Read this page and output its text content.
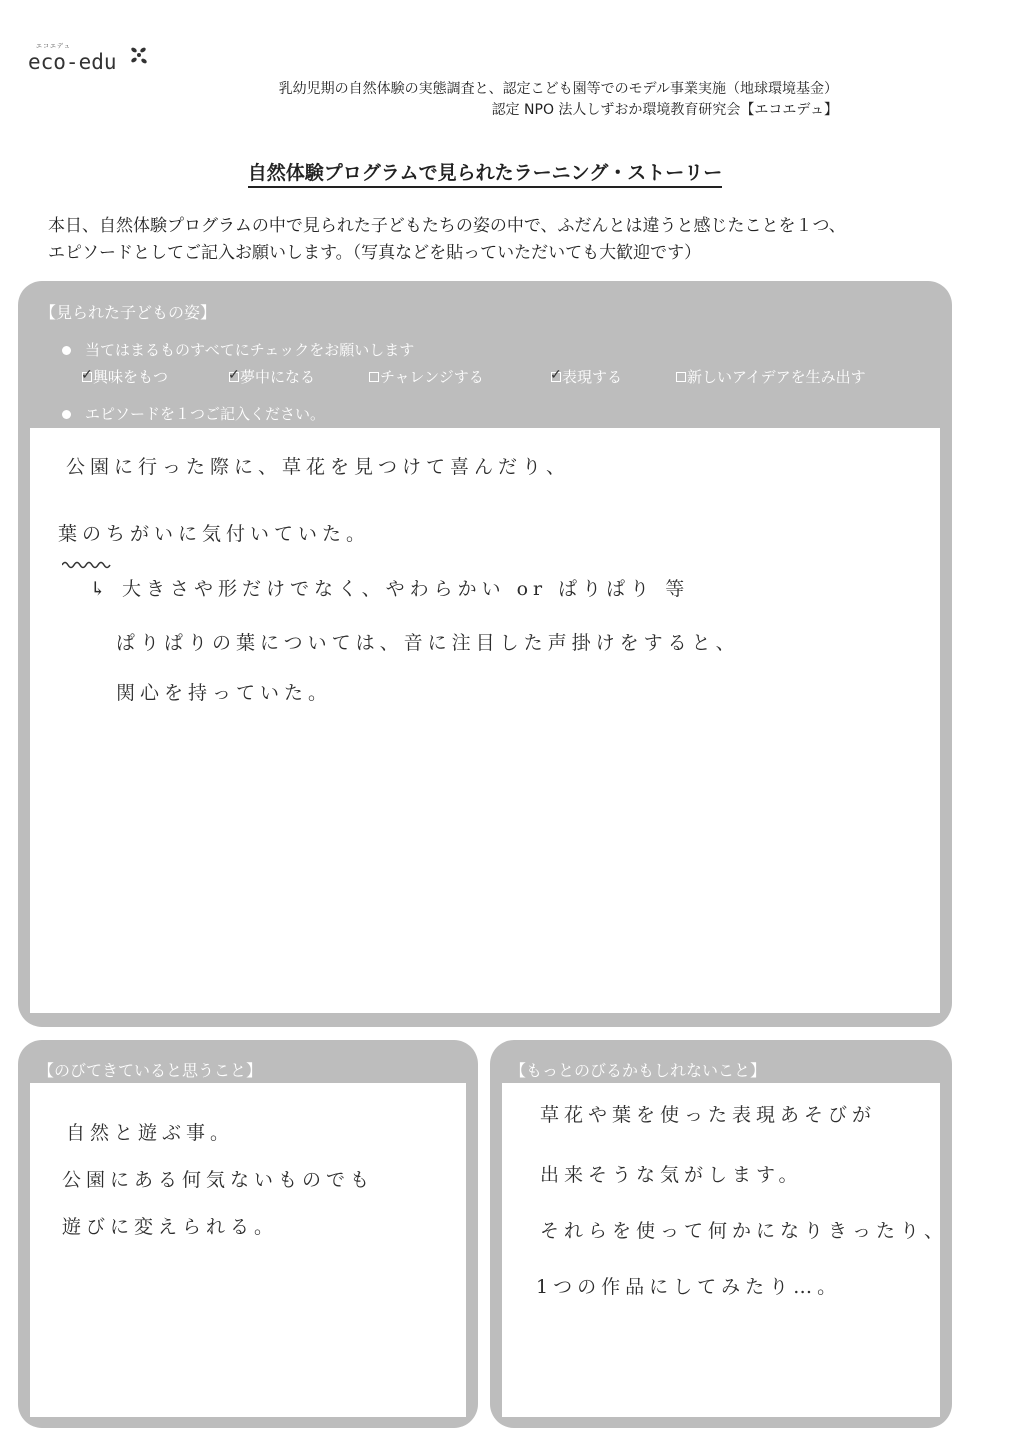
エコエデュ
eco-edu
乳幼児期の自然体験の実態調査と、認定こども園等でのモデル事業実施（地球環境基金）
認定 NPO 法人しずおか環境教育研究会【エコエデュ】
自然体験プログラムで見られたラーニング・ストーリー
本日、自然体験プログラムの中で見られた子どもたちの姿の中で、ふだんとは違うと感じたことを１つ、
エピソードとしてご記入お願いします。（写真などを貼っていただいても大歓迎です）
【見られた子どもの姿】
当てはまるものすべてにチェックをお願いします
✓ 興味をもつ	✓ 夢中になる	チャレンジする	✓ 表現する	新しいアイデアを生み出す
エピソードを１つご記入ください。
公園に行った際に、草花を見つけて喜んだり、
葉のちがいに気付いていた。
↳ 大きさや形だけでなく、やわらかい or ぱりぱり 等
ぱりぱりの葉については、音に注目した声掛けをすると、
関心を持っていた。
【のびてきていると思うこと】
自然と遊ぶ事。
公園にある何気ないものでも
遊びに変えられる。
【もっとのびるかもしれないこと】
草花や葉を使った表現あそびが
出来そうな気がします。
それらを使って何かになりきったり、
1つの作品にしてみたり…。
